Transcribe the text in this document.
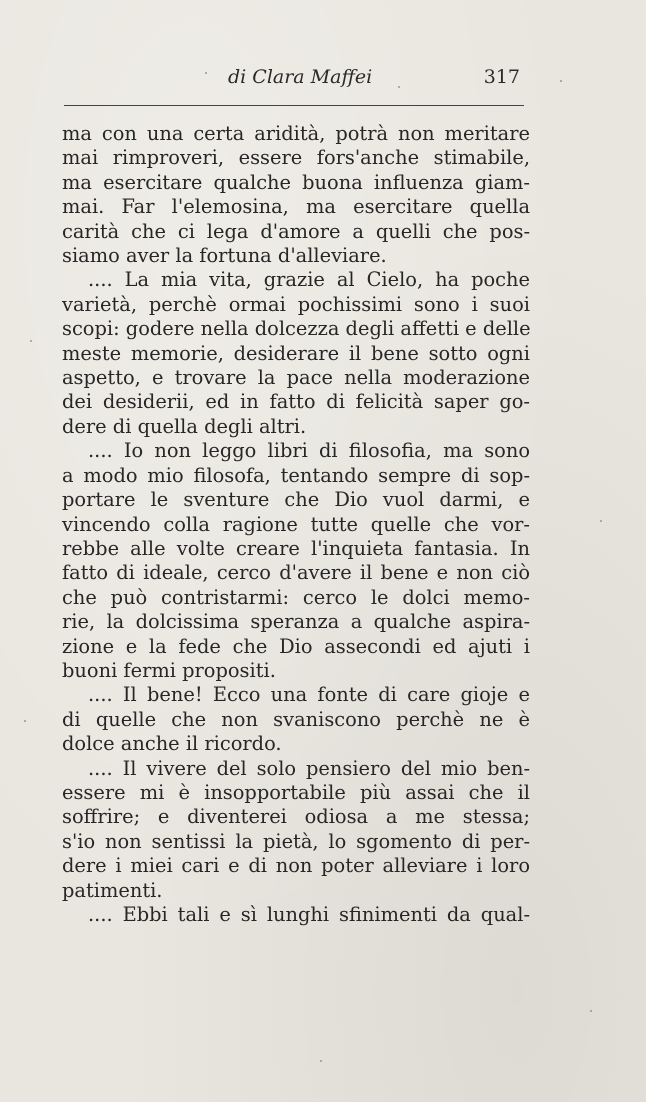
di Clara Maffei	317
ma con una certa aridità, potrà non meritare
mai rimproveri, essere fors'anche stimabile,
ma esercitare qualche buona influenza giam-
mai. Far l'elemosina, ma esercitare quella
carità che ci lega d'amore a quelli che pos-
siamo aver la fortuna d'alleviare.
.... La mia vita, grazie al Cielo, ha poche
varietà, perchè ormai pochissimi sono i suoi
scopi: godere nella dolcezza degli affetti e delle
meste memorie, desiderare il bene sotto ogni
aspetto, e trovare la pace nella moderazione
dei desiderii, ed in fatto di felicità saper go-
dere di quella degli altri.
.... Io non leggo libri di filosofia, ma sono
a modo mio filosofa, tentando sempre di sop-
portare le sventure che Dio vuol darmi, e
vincendo colla ragione tutte quelle che vor-
rebbe alle volte creare l'inquieta fantasia. In
fatto di ideale, cerco d'avere il bene e non ciò
che può contristarmi: cerco le dolci memo-
rie, la dolcissima speranza a qualche aspira-
zione e la fede che Dio assecondi ed ajuti i
buoni fermi propositi.
.... Il bene! Ecco una fonte di care gioje e
di quelle che non svaniscono perchè ne è
dolce anche il ricordo.
.... Il vivere del solo pensiero del mio ben-
essere mi è insopportabile più assai che il
soffrire; e diventerei odiosa a me stessa;
s'io non sentissi la pietà, lo sgomento di per-
dere i miei cari e di non poter alleviare i loro
patimenti.
.... Ebbi tali e sì lunghi sfinimenti da qual-
